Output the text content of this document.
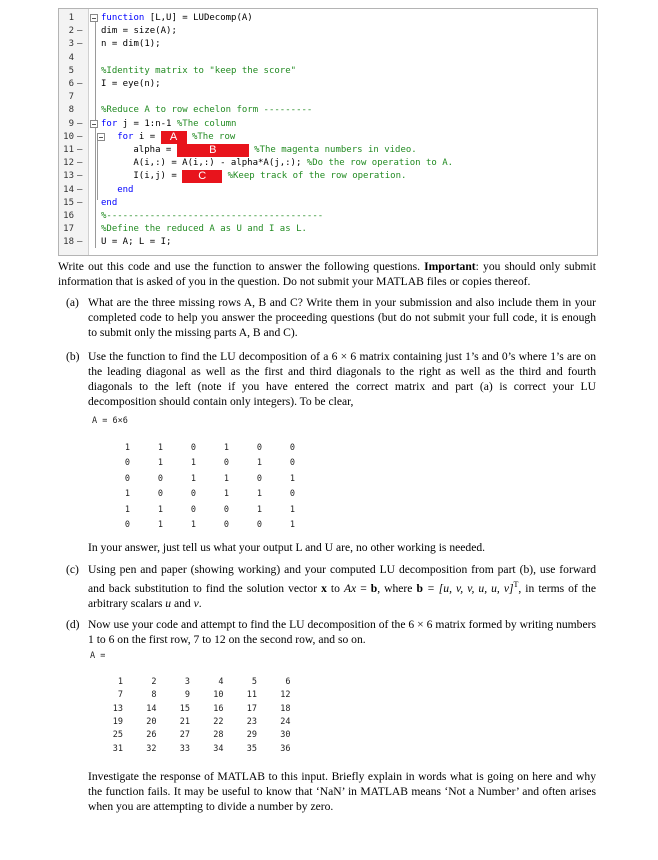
1	function [L,U] = LUDecomp(A)
2 – dim = size(A);
3 – n = dim(1);
4
5	%Identity matrix to "keep the score"
6 – I = eye(n);
7
8	%Reduce A to row echelon form ---------
9 – for j = 1:n-1 %The column
10 –	for i = A %The row
11 –	alpha =	B	%The magenta numbers in video.
12 –	A(i,:) = A(i,:) - alpha*A(j,:); %Do the row operation to A.
13 –	I(i,j) = C %Keep track of the row operation.
14 –	end
15 – end
16	%----------------------------------------
17	%Define the reduced A as U and I as L.
18 – U = A; L = I;
Write out this code and use the function to answer the following questions. Important: you should only submit information that is asked of you in the question. Do not submit your MATLAB files or copies thereof.
(a) What are the three missing rows A, B and C? Write them in your submission and also include them in your completed code to help you answer the proceeding questions (but do not submit your full code, it is enough to submit only the missing parts A, B and C).
(b) Use the function to find the LU decomposition of a 6 × 6 matrix containing just 1’s and 0’s where 1’s are on the leading diagonal as well as the first and third diagonals to the right as well as the third and fourth diagonals to the left (note if you have entered the correct matrix and part (a) is correct your LU decomposition should contain only integers). To be clear,
A = 6×6
1	1	0	1	0	0
0	1	1	0	1	0
0	0	1	1	0	1
1	0	0	1	1	0
1	1	0	0	1	1
0	1	1	0	0	1
In your answer, just tell us what your output L and U are, no other working is needed.
(c) Using pen and paper (showing working) and your computed LU decomposition from part (b), use forward and back substitution to find the solution vector x to Ax = b, where b = [u, v, v, u, u, v]$^T$, in terms of the arbitrary scalars u and v.
(d) Now use your code and attempt to find the LU decomposition of the 6 × 6 matrix formed by writing numbers 1 to 6 on the first row, 7 to 12 on the second row, and so on.
A =
1	2	3	4	5	6
7	8	9	10	11	12
13	14	15	16	17	18
19	20	21	22	23	24
25	26	27	28	29	30
31	32	33	34	35	36
Investigate the response of MATLAB to this input. Briefly explain in words what is going on here and why the function fails. It may be useful to know that ‘NaN’ in MATLAB means ‘Not a Number’ and often arises when you are attempting to divide a number by zero.
